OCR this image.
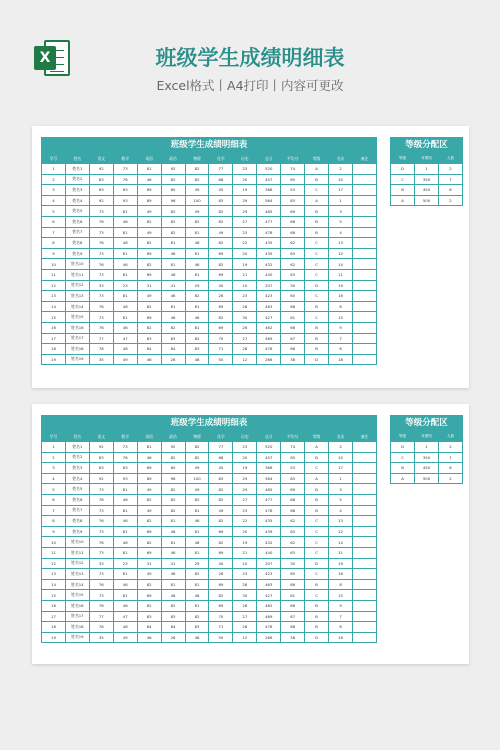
X	班级学生成绩明细表
Excel格式丨A4打印丨内容可更改
班级学生成绩明细表
学号	姓名	语文	数学	英语	政治	物理	化学	历史	总分	平均分	等级	名次	备注
1	姓名1	92	73	81	92	82	77	23	520	74	A	2	
2	姓名2	83	76	46	82	82	68	20	457	65	B	10	
3	姓名3	63	63	69	60	49	45	19	368	53	C	17	
4	姓名4	92	93	89	96	100	83	29	564	83	A	1	
5	姓名5	73	81	49	82	49	82	29	485	69	B	3	
6	姓名6	76	46	82	82	82	82	27	477	68	B	5	
7	姓名7	73	81	49	82	81	49	23	478	68	B	4	
8	姓名8	76	46	82	81	46	82	22	435	62	C	13	
9	姓名9	73	81	69	46	81	69	20	439	63	C	12	
10	姓名10	76	46	82	81	46	82	19	432	62	C	14	
11	姓名11	73	81	69	46	81	69	21	440	63	C	11	
12	姓名12	33	23	31	41	29	40	10	207	30	D	19	
13	姓名13	73	81	49	46	82	26	23	423	60	C	16	
14	姓名14	76	46	82	81	81	69	28	463	66	B	8	
15	姓名15	73	81	69	46	46	82	30	427	61	C	15	
16	姓名16	76	46	82	82	81	69	26	462	66	B	9	
17	姓名17	77	47	83	83	82	70	27	469	67	B	7	
18	姓名18	78	48	84	84	83	71	28	476	68	B	6	
19	姓名19	35	49	46	26	48	50	12	266	38	D	18	
等级分配区
等级	对照线	人数
D	1	2
C	350	7
B	450	8
A	500	2
班级学生成绩明细表
学号	姓名	语文	数学	英语	政治	物理	化学	历史	总分	平均分	等级	名次	备注
1	姓名1	92	73	81	92	82	77	23	520	74	A	2	
2	姓名2	83	76	46	82	82	68	20	457	65	B	10	
3	姓名3	63	63	69	60	49	45	19	368	53	C	17	
4	姓名4	92	93	89	96	100	83	29	564	83	A	1	
5	姓名5	73	81	49	82	49	82	29	485	69	B	3	
6	姓名6	76	46	82	82	82	82	27	477	68	B	5	
7	姓名7	73	81	49	82	81	49	23	478	68	B	4	
8	姓名8	76	46	82	81	46	82	22	435	62	C	13	
9	姓名9	73	81	69	46	81	69	20	439	63	C	12	
10	姓名10	76	46	82	81	46	82	19	432	62	C	14	
11	姓名11	73	81	69	46	81	69	21	440	63	C	11	
12	姓名12	33	23	31	41	29	40	10	207	30	D	19	
13	姓名13	73	81	49	46	82	26	23	423	60	C	16	
14	姓名14	76	46	82	81	81	69	28	463	66	B	8	
15	姓名15	73	81	69	46	46	82	30	427	61	C	15	
16	姓名16	76	46	82	82	81	69	26	462	66	B	9	
17	姓名17	77	47	83	83	82	70	27	469	67	B	7	
18	姓名18	78	48	84	84	83	71	28	476	68	B	6	
19	姓名19	35	49	46	26	48	50	12	266	38	D	18	
等级分配区
等级	对照线	人数
D	1	2
C	350	7
B	450	8
A	500	2
